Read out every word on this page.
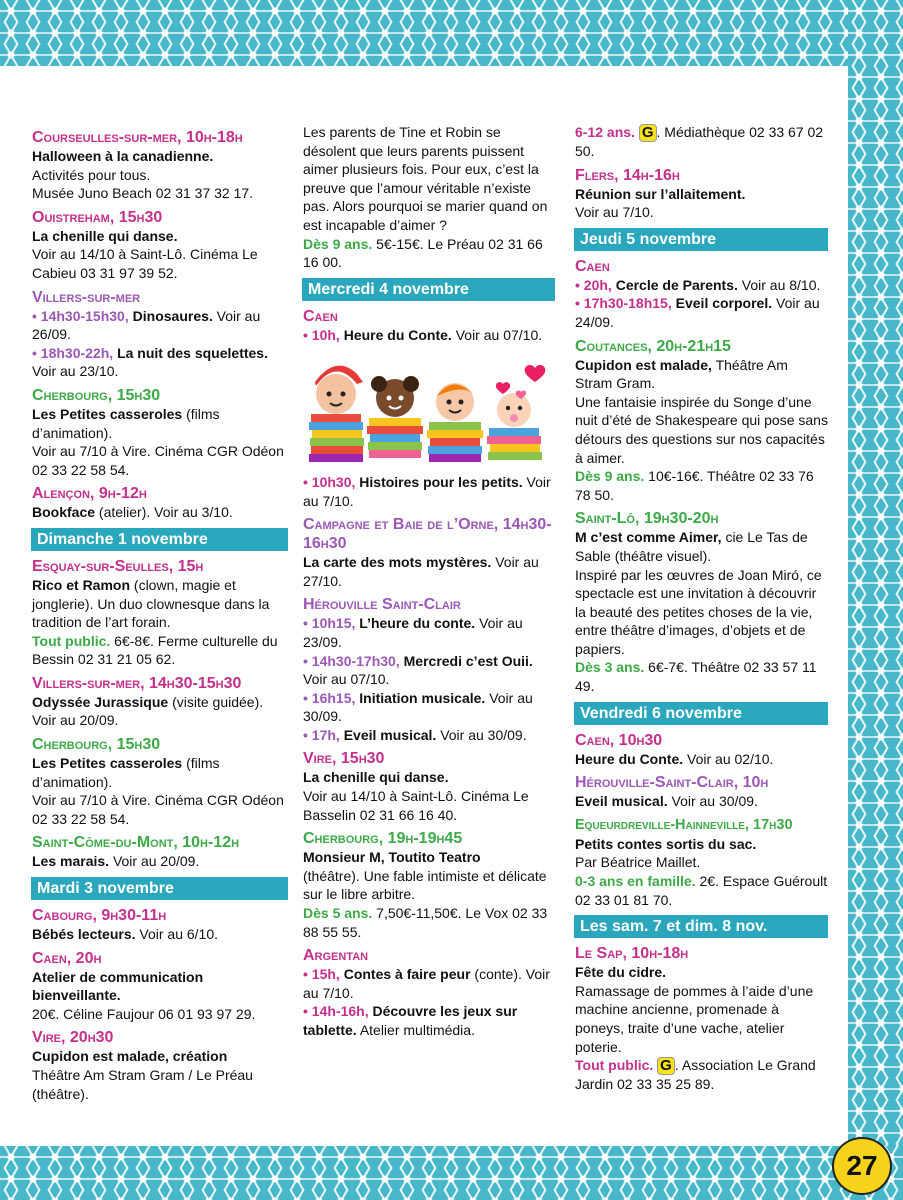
27
Courseulles-sur-mer, 10h-18h

Halloween à la canadienne.

Activités pour tous.

Musée Juno Beach 02 31 37 32 17.

Ouistreham, 15h30

La chenille qui danse.

Voir au 14/10 à Saint-Lô. Cinéma Le Cabieu 03 31 97 39 52.

Villers-sur-mer

• 14h30-15h30, Dinosaures. Voir au 26/09.

• 18h30-22h, La nuit des squelettes. Voir au 23/10.

Cherbourg, 15h30

Les Petites casseroles (films d’animation).

Voir au 7/10 à Vire. Cinéma CGR Odéon 02 33 22 58 54.

Alençon, 9h-12h

Bookface (atelier). Voir au 3/10.

Dimanche 1 novembre
Esquay-sur-Seulles, 15h

Rico et Ramon (clown, magie et jonglerie). Un duo clownesque dans la tradition de l’art forain.

Tout public. 6€-8€. Ferme culturelle du Bessin 02 31 21 05 62.

Villers-sur-mer, 14h30-15h30

Odyssée Jurassique (visite guidée). Voir au 20/09.

Cherbourg, 15h30

Les Petites casseroles (films d’animation).

Voir au 7/10 à Vire. Cinéma CGR Odéon 02 33 22 58 54.

Saint-Côme-du-Mont, 10h-12h

Les marais. Voir au 20/09.

Mardi 3 novembre
Cabourg, 9h30-11h

Bébés lecteurs. Voir au 6/10.

Caen, 20h

Atelier de communication bienveillante.

20€. Céline Faujour 06 01 93 97 29.

Vire, 20h30

Cupidon est malade, création

Théâtre Am Stram Gram / Le Préau (théâtre).

Les parents de Tine et Robin se désolent que leurs parents puissent aimer plusieurs fois. Pour eux, c’est la preuve que l’amour véritable n’existe pas. Alors pourquoi se marier quand on est incapable d’aimer ?

Dès 9 ans. 5€-15€. Le Préau 02 31 66 16 00.

Mercredi 4 novembre
Caen

• 10h, Heure du Conte. Voir au 07/10.

• 10h30, Histoires pour les petits. Voir au 7/10.

Campagne et Baie de l’Orne, 14h30-16h30

La carte des mots mystères. Voir au 27/10.

Hérouville Saint-Clair

• 10h15, L’heure du conte. Voir au 23/09.

• 14h30-17h30, Mercredi c’est Ouii. Voir au 07/10.

• 16h15, Initiation musicale. Voir au 30/09.

• 17h, Eveil musical. Voir au 30/09.

Vire, 15h30

La chenille qui danse.

Voir au 14/10 à Saint-Lô. Cinéma Le Basselin 02 31 66 16 40.

Cherbourg, 19h-19h45

Monsieur M, Toutito Teatro

(théâtre). Une fable intimiste et délicate sur le libre arbitre.

Dès 5 ans. 7,50€-11,50€. Le Vox 02 33 88 55 55.

Argentan

• 15h, Contes à faire peur (conte). Voir au 7/10.

• 14h-16h, Découvre les jeux sur tablette. Atelier multimédia.

6-12 ans. G . Médiathèque 02 33 67 02 50.

Flers, 14h-16h

Réunion sur l’allaitement.

Voir au 7/10.

Jeudi 5 novembre
Caen

• 20h, Cercle de Parents. Voir au 8/10.

• 17h30-18h15, Eveil corporel. Voir au 24/09.

Coutances, 20h-21h15

Cupidon est malade, Théâtre Am Stram Gram.

Une fantaisie inspirée du Songe d’une nuit d’été de Shakespeare qui pose sans détours des questions sur nos capacités à aimer.

Dès 9 ans. 10€-16€. Théâtre 02 33 76 78 50.

Saint-Lô, 19h30-20h

M c’est comme Aimer, cie Le Tas de Sable (théâtre visuel).

Inspiré par les œuvres de Joan Miró, ce spectacle est une invitation à découvrir la beauté des petites choses de la vie, entre théâtre d’images, d’objets et de papiers.

Dès 3 ans. 6€-7€. Théâtre 02 33 57 11 49.

Vendredi 6 novembre
Caen, 10h30

Heure du Conte. Voir au 02/10.

Hérouville-Saint-Clair, 10h

Eveil musical. Voir au 30/09.

Equeurdreville-Hainneville, 17h30

Petits contes sortis du sac.

Par Béatrice Maillet.

0-3 ans en famille. 2€. Espace Guéroult 02 33 01 81 70.

Les sam. 7 et dim. 8 nov.
Le Sap, 10h-18h

Fête du cidre.

Ramassage de pommes à l’aide d’une machine ancienne, promenade à poneys, traite d’une vache, atelier poterie.

Tout public. G . Association Le Grand Jardin 02 33 35 25 89.
